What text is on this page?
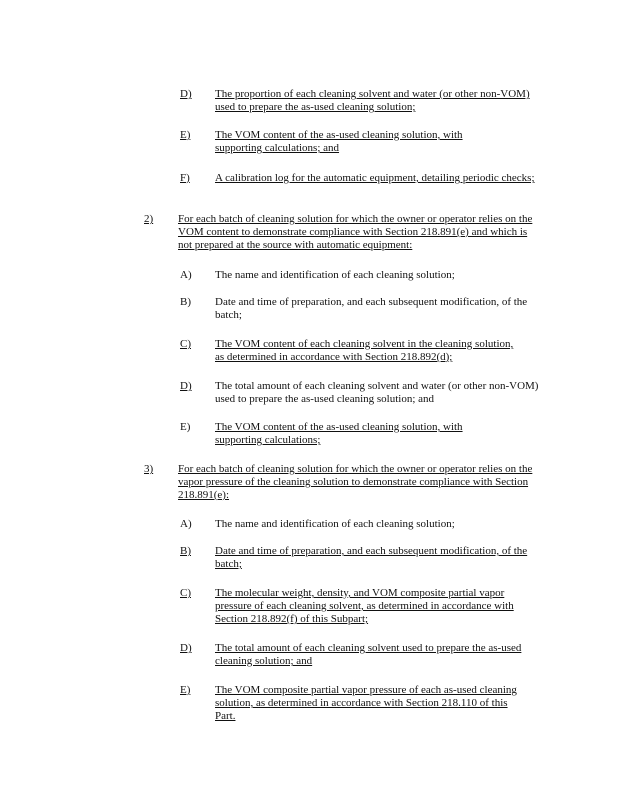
D) The proportion of each cleaning solvent and water (or other non-VOM) used to prepare the as-used cleaning solution;
E) The VOM content of the as-used cleaning solution, with supporting calculations; and
F) A calibration log for the automatic equipment, detailing periodic checks;
2)	For each batch of cleaning solution for which the owner or operator relies on the VOM content to demonstrate compliance with Section 218.891(e) and which is not prepared at the source with automatic equipment:
A) The name and identification of each cleaning solution;
B) Date and time of preparation, and each subsequent modification, of the batch;
C) The VOM content of each cleaning solvent in the cleaning solution, as determined in accordance with Section 218.892(d);
D) The total amount of each cleaning solvent and water (or other non-VOM) used to prepare the as-used cleaning solution; and
E) The VOM content of the as-used cleaning solution, with supporting calculations;
3)	For each batch of cleaning solution for which the owner or operator relies on the vapor pressure of the cleaning solution to demonstrate compliance with Section 218.891(e):
A) The name and identification of each cleaning solution;
B) Date and time of preparation, and each subsequent modification, of the batch;
C) The molecular weight, density, and VOM composite partial vapor pressure of each cleaning solvent, as determined in accordance with Section 218.892(f) of this Subpart;
D) The total amount of each cleaning solvent used to prepare the as-used cleaning solution; and
E) The VOM composite partial vapor pressure of each as-used cleaning solution, as determined in accordance with Section 218.110 of this Part.
